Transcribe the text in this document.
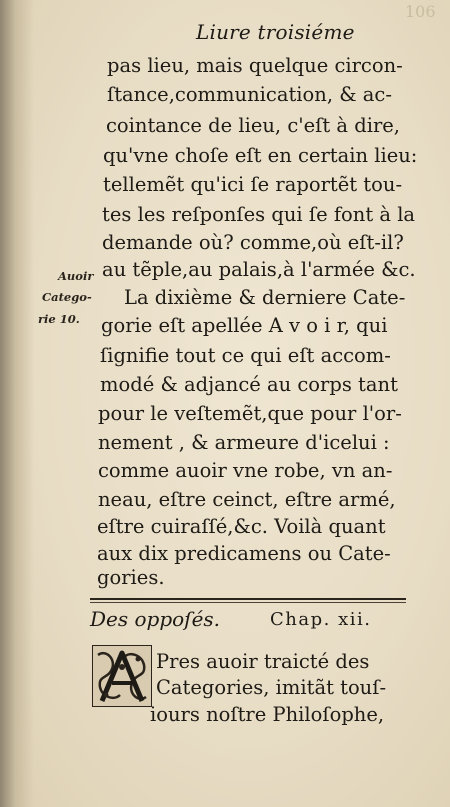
106
Liure troisiéme
pas lieu, mais quelque circon-
ſtance,communication, & ac-
cointance de lieu, c'eſt à dire,
qu'vne choſe eſt en certain lieu:
tellemẽt qu'ici ſe raportẽt tou-
tes les reſponſes qui ſe font à la
demande où? comme,où eſt-il?
au tẽple,au palais,à l'armée &c.
La dixième & derniere Cate-
gorie eſt apellée A v o i r, qui
ſignifie tout ce qui eſt accom-
modé & adjancé au corps tant
pour le veſtemẽt,que pour l'or-
nement , & armeure d'icelui :
comme auoir vne robe, vn an-
neau, eſtre ceinct, eſtre armé,
eſtre cuiraſſé,&c. Voilà quant
aux dix predicamens ou Cate-
gories.
Auoir
Catego-
rie 10.
Des oppoſés.	Chap. xii.
Pres auoir traicté des
Categories, imitãt touſ-
iours noſtre Philoſophe,
